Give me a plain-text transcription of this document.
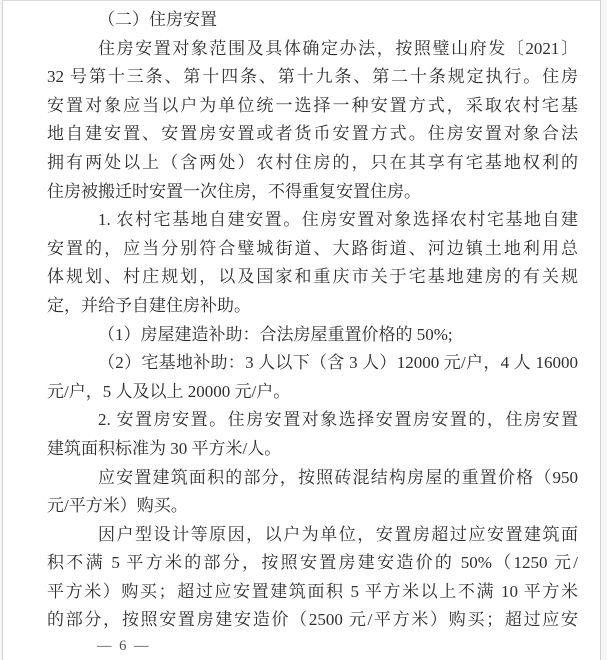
（二）住房安置
住房安置对象范围及具体确定办法，按照璧山府发〔2021〕
32 号第十三条、第十四条、第十九条、第二十条规定执行。住房
安置对象应当以户为单位统一选择一种安置方式，采取农村宅基
地自建安置、安置房安置或者货币安置方式。住房安置对象合法
拥有两处以上（含两处）农村住房的，只在其享有宅基地权利的
住房被搬迁时安置一次住房，不得重复安置住房。
1. 农村宅基地自建安置。住房安置对象选择农村宅基地自建
安置的，应当分别符合璧城街道、大路街道、河边镇土地利用总
体规划、村庄规划，以及国家和重庆市关于宅基地建房的有关规
定，并给予自建住房补助。
（1）房屋建造补助：合法房屋重置价格的 50%;
（2）宅基地补助：3 人以下（含 3 人）12000 元/户，4 人 16000
元/户，5 人及以上 20000 元/户。
2. 安置房安置。住房安置对象选择安置房安置的，住房安置
建筑面积标准为 30 平方米/人。
应安置建筑面积的部分，按照砖混结构房屋的重置价格（950
元/平方米）购买。
因户型设计等原因，以户为单位，安置房超过应安置建筑面
积不满 5 平方米的部分，按照安置房建安造价的 50%（1250 元/
平方米）购买；超过应安置建筑面积 5 平方米以上不满 10 平方米
的部分，按照安置房建安造价（2500 元/平方米）购买；超过应安
— 6 —
